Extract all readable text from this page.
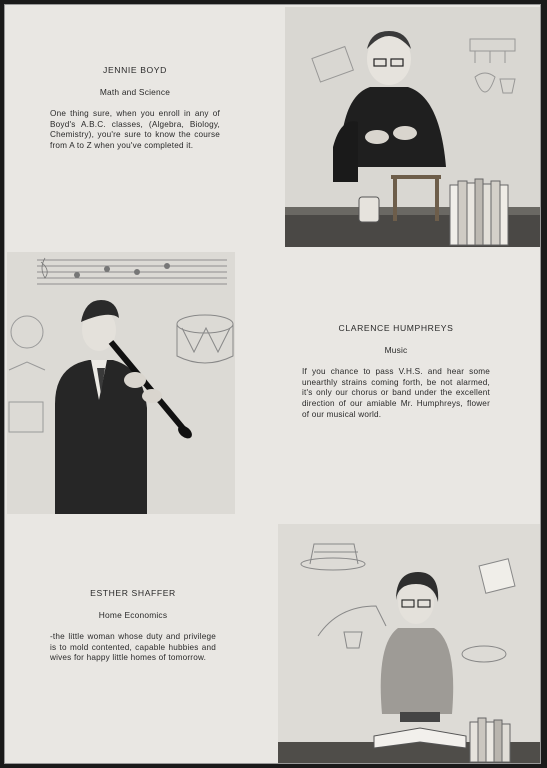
JENNIE BOYD
Math and Science
One thing sure, when you enroll in any of Boyd's A.B.C. classes, (Algebra, Biology, Chemistry), you're sure to know the course from A to Z when you've completed it.
CLARENCE HUMPHREYS
Music
If you chance to pass V.H.S. and hear some unearthly strains coming forth, be not alarmed, it's only our chorus or band under the excellent direction of our amiable Mr. Humphreys, flower of our musical world.
ESTHER SHAFFER
Home Economics
-the little woman whose duty and privilege is to mold contented, capable hubbies and wives for happy little homes of tomorrow.
